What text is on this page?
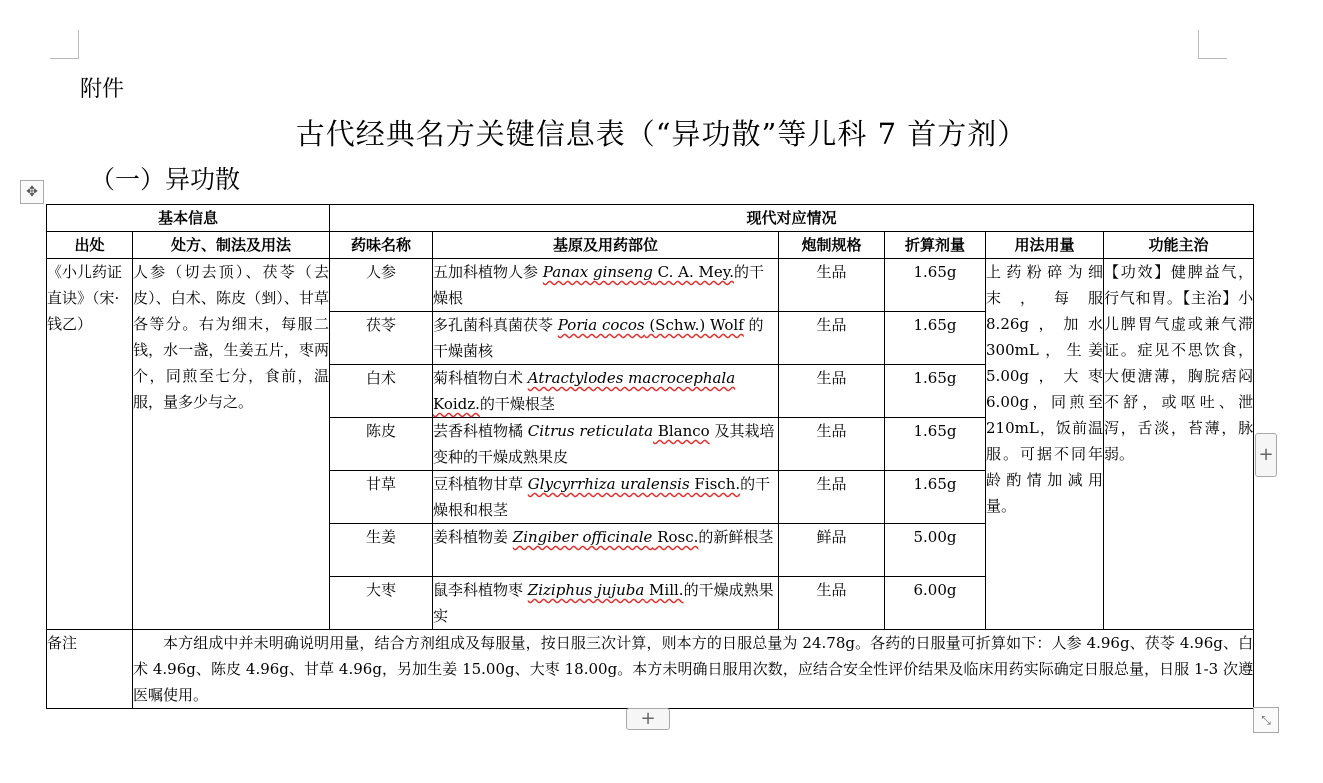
附件
古代经典名方关键信息表（“异功散”等儿科 7 首方剂）
（一）异功散
✥
基本信息		现代对应情况					
出处	处方、制法及用法	药味名称	基原及用药部位	炮制规格	折算剂量	用法用量	功能主治
《小儿药证直诀》（宋·钱乙）	人参（切去顶）、茯苓（去皮）、白术、陈皮（剉）、甘草各等分。右为细末，每服二钱，水一盏，生姜五片，枣两个，同煎至七分，食前，温服，量多少与之。	人参	五加科植物人参 Panax ginseng C. A. Mey.的干燥根	生品	1.65g	上药粉碎为细末，每服 8.26g，加水 300mL，生姜 5.00g，大枣 6.00g，同煎至 210mL，饭前温服。可据不同年龄酌情加减用量。	【功效】健脾益气，行气和胃。【主治】小儿脾胃气虚或兼气滞证。症见不思饮食，大便溏薄，胸脘痞闷不舒，或呕吐、泄泻，舌淡，苔薄，脉弱。
		茯苓	多孔菌科真菌茯苓 Poria cocos (Schw.) Wolf 的干燥菌核	生品	1.65g		
		白术	菊科植物白术 Atractylodes macrocephala Koidz.的干燥根茎	生品	1.65g		
		陈皮	芸香科植物橘 Citrus reticulata Blanco 及其栽培变种的干燥成熟果皮	生品	1.65g		
		甘草	豆科植物甘草 Glycyrrhiza uralensis Fisch.的干燥根和根茎	生品	1.65g		
		生姜	姜科植物姜 Zingiber officinale Rosc.的新鲜根茎	鲜品	5.00g		
		大枣	鼠李科植物枣 Ziziphus jujuba Mill.的干燥成熟果实	生品	6.00g		
备注	本方组成中并未明确说明用量，结合方剂组成及每服量，按日服三次计算，则本方的日服总量为 24.78g。各药的日服量可折算如下：人参 4.96g、茯苓 4.96g、白术 4.96g、陈皮 4.96g、甘草 4.96g，另加生姜 15.00g、大枣 18.00g。本方未明确日服用次数，应结合安全性评价结果及临床用药实际确定日服总量，日服 1-3 次遵医嘱使用。						
+
+	⤡
